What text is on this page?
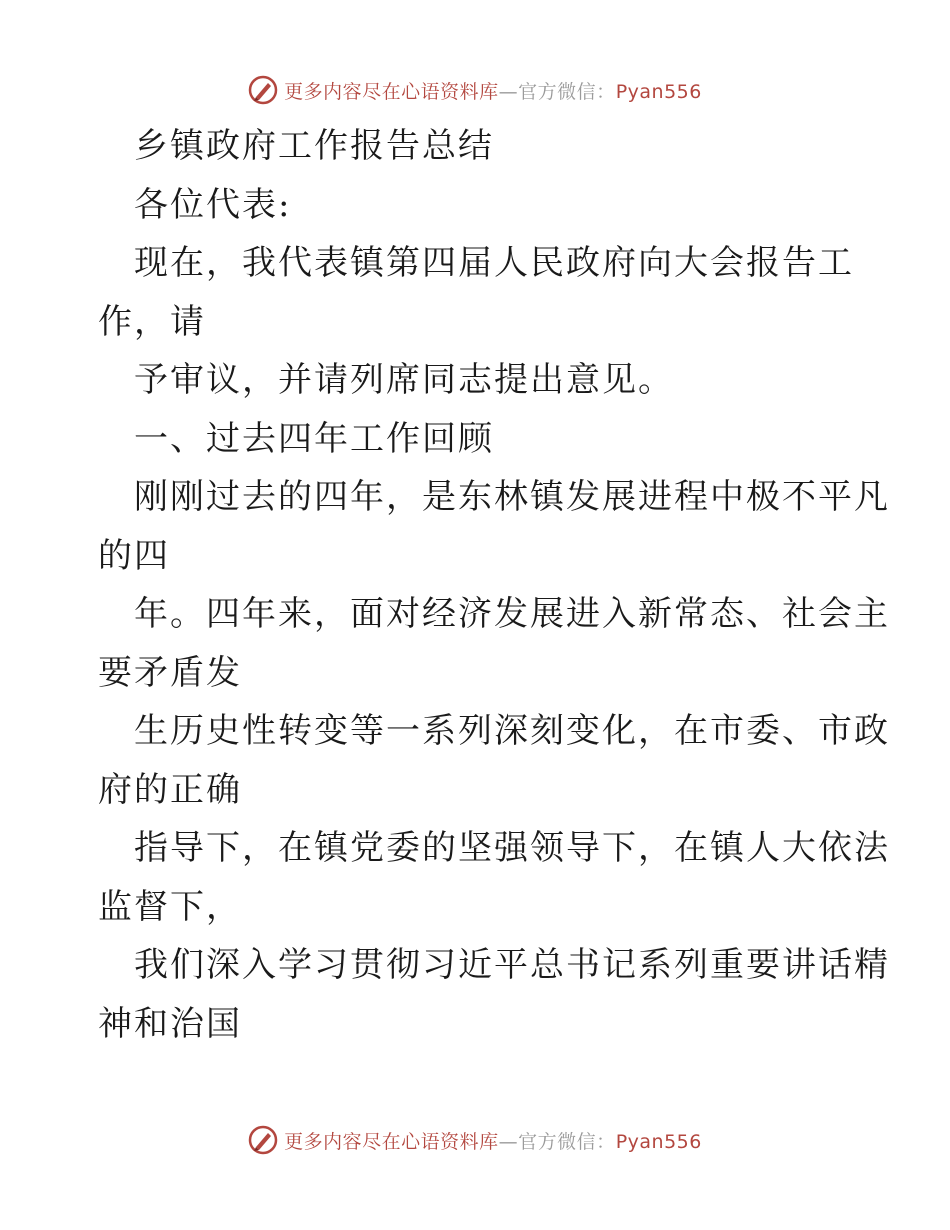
更多内容尽在心语资料库—官方微信：Pyan556
乡镇政府工作报告总结
各位代表:
现在，我代表镇第四届人民政府向大会报告工
作，请
予审议，并请列席同志提出意见。
一、过去四年工作回顾
刚刚过去的四年，是东林镇发展进程中极不平凡
的四
年。四年来，面对经济发展进入新常态、社会主
要矛盾发
生历史性转变等一系列深刻变化，在市委、市政
府的正确
指导下，在镇党委的坚强领导下，在镇人大依法
监督下，
我们深入学习贯彻习近平总书记系列重要讲话精
神和治国
更多内容尽在心语资料库—官方微信：Pyan556
